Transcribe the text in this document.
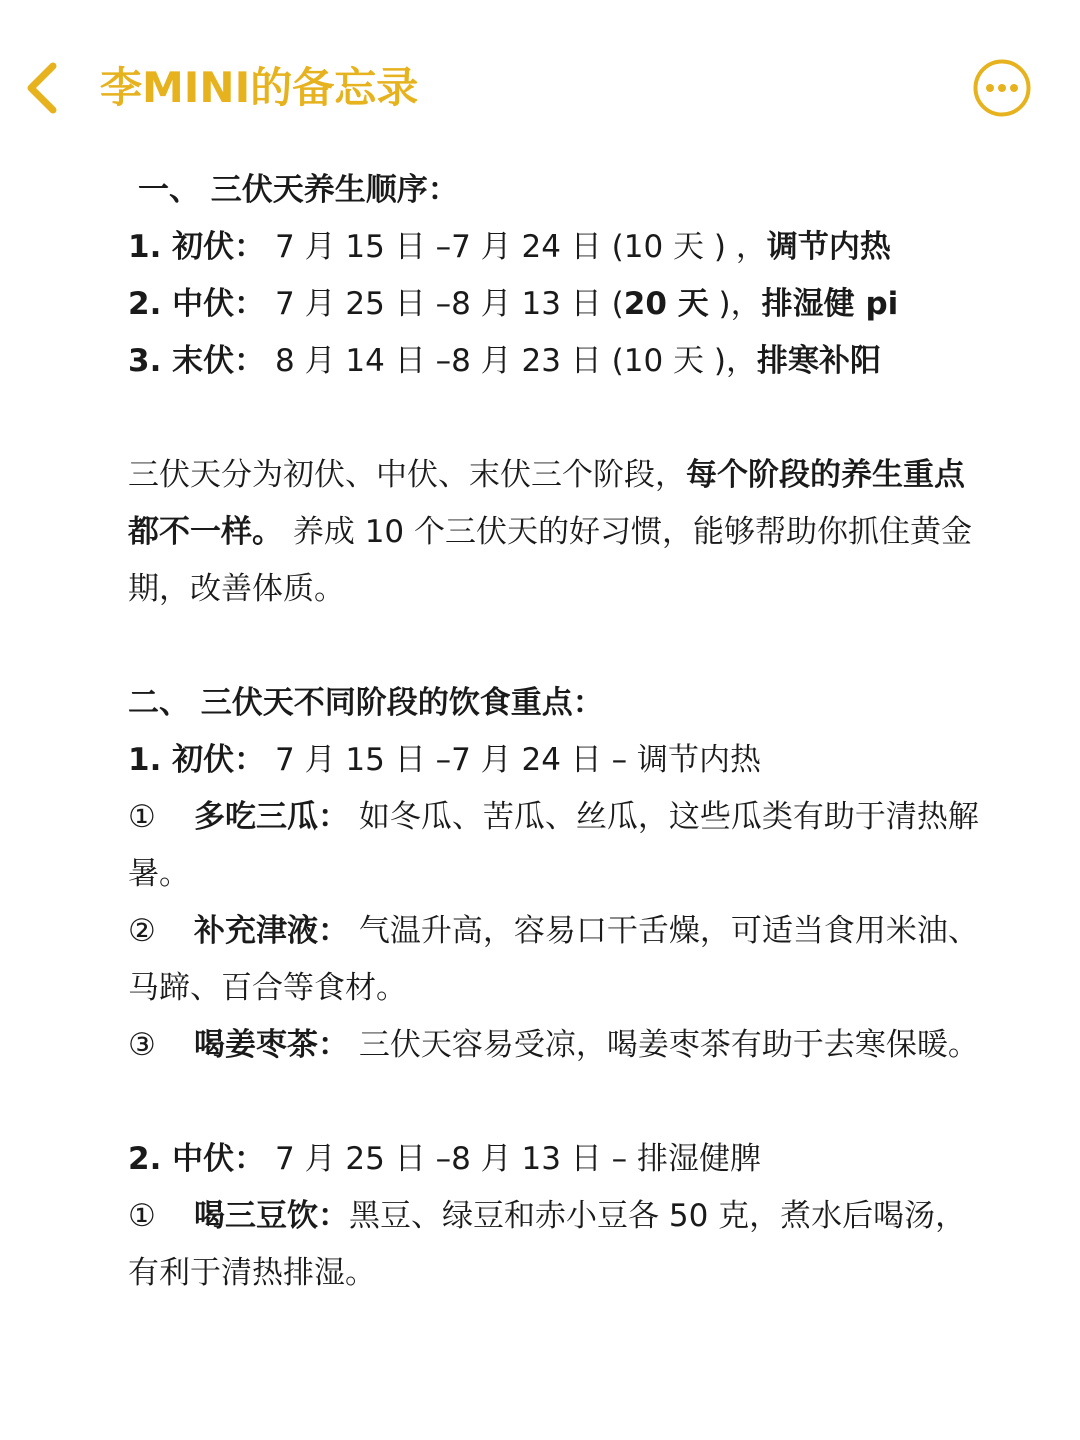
李MINI的备忘录
一、 三伏天养生顺序：
1. 初伏： 7 月 15 日 –7 月 24 日 (10 天 ) ，调节内热
2. 中伏： 7 月 25 日 –8 月 13 日 (20 天 )，排湿健 pi
3. 末伏： 8 月 14 日 –8 月 23 日 (10 天 )，排寒补阳
三伏天分为初伏、中伏、末伏三个阶段，每个阶段的养生重点都不一样。 养成 10 个三伏天的好习惯，能够帮助你抓住黄金期，改善体质。
二、 三伏天不同阶段的饮食重点：
1. 初伏： 7 月 15 日 –7 月 24 日 – 调节内热
① 多吃三瓜： 如冬瓜、苦瓜、丝瓜，这些瓜类有助于清热解暑。
② 补充津液： 气温升高，容易口干舌燥，可适当食用米油、马蹄、百合等食材。
③ 喝姜枣茶： 三伏天容易受凉，喝姜枣茶有助于去寒保暖。
2. 中伏： 7 月 25 日 –8 月 13 日 – 排湿健脾
① 喝三豆饮：黑豆、绿豆和赤小豆各 50 克，煮水后喝汤，有利于清热排湿。
